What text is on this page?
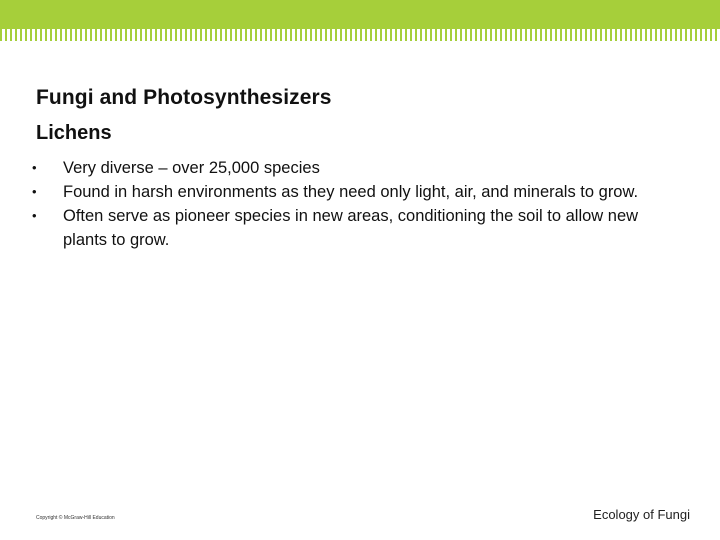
Fungi and Photosynthesizers
Lichens
•	Very diverse – over 25,000 species
•	Found in harsh environments as they need only light, air, and minerals to grow.
•	Often serve as pioneer species in new areas, conditioning the soil to allow new plants to grow.
Copyright © McGraw-Hill Education	Ecology of Fungi
